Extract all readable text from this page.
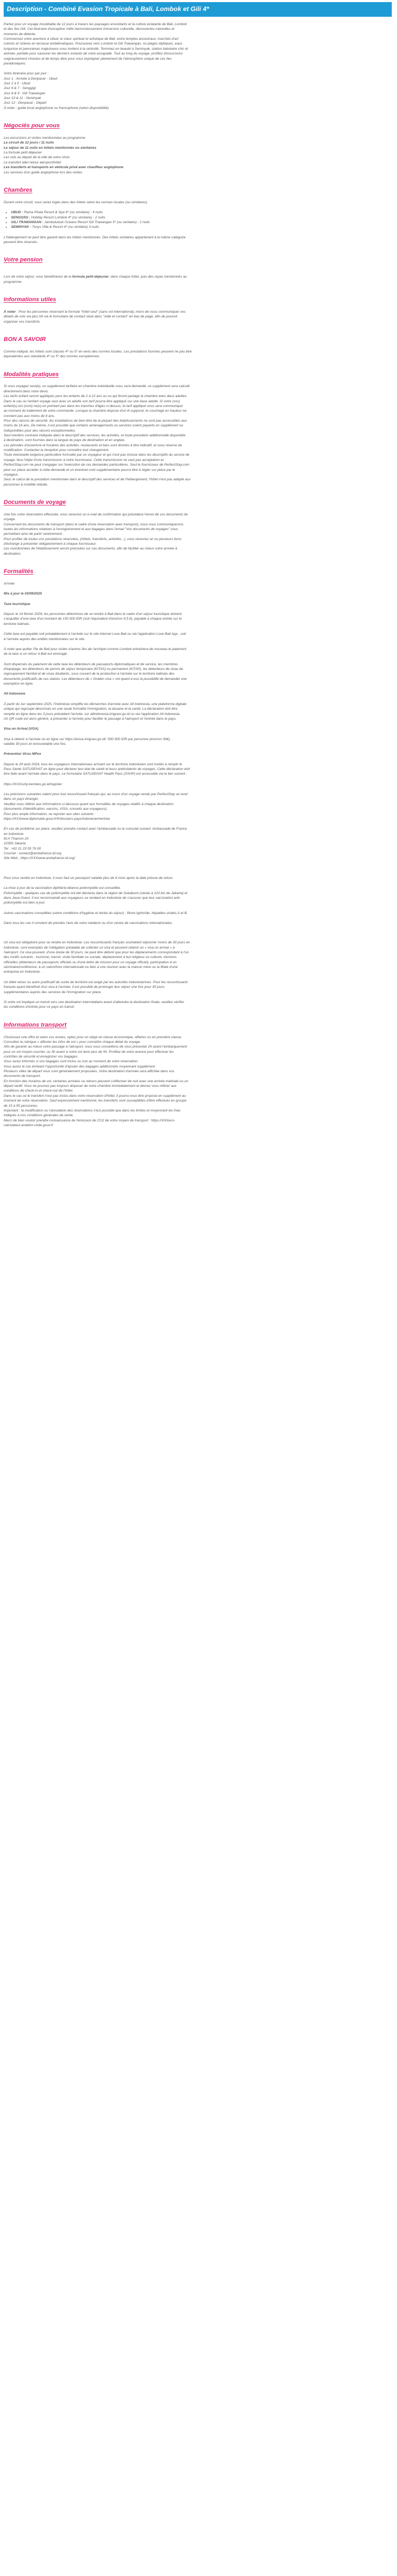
Description - Combiné Evasion Tropicale à Bali, Lombok et Gili 4*

Partez pour un voyage inoubliable de 12 jours à travers les paysages envoûtants et la culture éclatante de Bali, Lombok
et des îles Gili. Cet itinéraire d'exception mêle harmonieusement immersion culturelle, découvertes naturelles et
moments de détente.
Commencez votre aventure à Ubud, le cœur spirituel et artistique de Bali, entre temples ancestraux, marchés d'art
colorés et rizières en terrasse emblématiques. Poursuivez vers Lombok et Gili Trawangan, où plages idylliques, eaux
turquoise et panoramas majestueux vous invitent à la sérénité. Terminez en beauté à Seminyak, station balnéaire chic et
animée, parfaite pour savourer les derniers instants de votre escapade. Tout au long du voyage, profitez d'excursions
soigneusement choisies et de temps libre pour vous imprégner pleinement de l'atmosphère unique de ces îles
paradisiaques.

Votre itinéraire pour par jour :
Jour 1 : Arrivée à Denpasar - Ubud
Jour 2 à 5 : Ubud
Jour 6 & 7 : Senggigi
Jour 8 & 9 : Gili Trawangan
Jour 10 & 11 : Seminyak
Jour 12 : Denpasar - Départ
À noter : guide local anglophone ou francophone (selon disponibilité)

Négociés pour vous

Les excursions et visites mentionnées au programme
Le circuit de 12 jours / 11 nuits
Le séjour de 11 nuits en hôtels mentionnés ou similaires
La formule petit déjeuner
Les vols au départ de la ville de votre choix
Le transfert aller-retour aéroport/hôtel
Les transferts et transports en véhicule privé avec chauffeur anglophone
Les services d'un guide anglophone lors des visites

Chambres

Durant votre circuit, vous serez logés dans des hôtels selon les normes locales (ou similaires).

• UBUD : Rama Phala Resort & Spa 4* (ou similaire) - 4 nuits
• SENGGIGI : Holiday Resort Lombok 4* (ou similaire) - 2 nuits
• GILI TRAWANGAN : Jambuluwuk Oceano Resort Gili Trawangan 5* (ou similaire) - 2 nuits
• SEMINYAK : Tonys Villa & Resort 4* (ou similaire) 3 nuits

L'hébergement ne peut être garanti dans les hôtels mentionnés. Des hôtels similaires appartenant à la même catégorie
peuvent être réservés.

Votre pension

Lors de votre séjour, vous bénéficierez de la formule petit-déjeuner, dans chaque hôtel, puis des repas mentionnés au
programme.

Informations utiles

À noter : Pour les personnes réservant la formule "hôtel seul" (sans vol international), merci de nous communiquer vos
détails de vols via plus tôt via le formulaire de contact situé dans "Aide et contact" en bas de page, afin de pouvoir
organiser vos transferts.

BON A SAVOIR

Comme indiqué, les hôtels sont classés 4* ou 5* en vertu des normes locales. Les prestations fournies peuvent ne pas être
équivalentes aux standards 4* ou 5* des normes européennes.

Modalités pratiques

Si vous voyagez seul(e), un supplément tarifaire en chambre individuelle vous sera demandé, ce supplément sera calculé
directement dans votre devis.
Les tarifs enfant seront appliqués pour les enfants de 2 à 12 ans ou ou qui feront partage la chambre avec deux adultes.
Dans le cas où l'enfant voyage seul avec un adulte son tarif pourra être appliqué sur une base adulte. Si votre (vos)
enfant(s) est (sont) ne(s) en pointant pas dans les tranches d'âges ci-dessus, le tarif appliqué vous sera communiqué
au moment du traitement de votre commande. Lorsque la chambre dispose d'un lit supposé, le couchage en hauteur ne
convient pas aux moins de 6 ans.
Pour des raisons de sécurité, les installations de bien-être de la plupart des établissements ne sont pas accessibles aux
moins de 16 ans. De même, il est possible que certains aménagements ou services soient payants en supplément ou
indisponibles pour des raisons exceptionnelles.
Seul mention contraire indiquée dans le descriptif des services, les activités, et toute prestation additionnelle disponible
à destination, sont fournies dans la langue du pays de destination et en anglais.
Les périodes d'ouverture et horaires des activités, restaurants et bars sont donnés à titre indicatif, et sous réserve de
modification. Contactez la réception pour connaître tout changement.
Toute éventuelle exigence particulière formulée par un voyageur et qui n'est pas incluse dans les descriptifs du service de
voyage, fera l'objet d'une transmission à notre fournisseur. Cette transmission ne vaut pas acceptation et
PerfectStay.com ne peut s'engager sur l'exécution de ces demandes particulières. Seul le fournisseur de PerfectStay.com
peut sur place accéder à cette demande et un éventuel coût supplémentaire pourra être à régler sur place par le
voyageur.
Seul, le calcul de la prestation mentionnée dans le descriptif des services et de l'hébergement, l'hôtel n'est pas adapté aux
personnes à mobilité réduite.

Documents de voyage

Une fois votre réservation effectuée, vous recevrez un e-mail de confirmation qui précédera l'envoi de vos documents de
voyage.
Concernant les documents de transport (dans le cadre d'une réservation avec transport), nous vous communiquerons
toutes les informations relatives à l'enregistrement et aux bagages dans l'email "Vos documents de voyages" vous
permettant ainsi de partir sereinement.
Pour profiter de toutes vos prestations réservées, (hôtels, transferts, activités...), vous recevrez un ou plusieurs bons
d'échange à présenter obligatoirement à chaque fournisseur.
Les coordonnées de l'établissement seront précisées sur ces documents, afin de faciliter au mieux votre arrivée à
destination.

Formalités

Arrivée

Mis à jour le 03/09/2025

Taxe touristique

Depuis le 14 février 2024, les personnes détentrices de se rendre à Bali dans le cadre d'un séjour touristique doivent
s'acquitter d'une taxe d'un montant de 150 000 IDR (soit l'équivalent d'environ 9,5 €), payable à chaque entrée sur le
territoire balinais.

Cette taxe est payable soit préalablement à l'arrivée sur le site internet Love Bali ou via l'application Love Bali App , soit
à l'arrivée auprès des entités mentionnées sur le site.

À noter que quitter l'île de Bali pour visiter d'autres îles de l'archipel comme Lombok entraînera de nouveau le paiement
de la taxe si un retour à Bali est envisagé.

Sont dispensés du paiement de cette taxe les détenteurs de passeports diplomatiques et de service, les membres
d'équipage, les détenteurs de permis de séjour temporaire (KITAS) ou permanent (KITAP), les détenteurs de visas de
regroupement familial et de visas étudiants, sous couvert de la production à l'arrivée sur le territoire balinais des
documents justificatifs de ces statuts. Les détenteurs de « Golden visa » ont quant à eux la possibilité de demander une
exemption en ligne.

All Indonesia

À partir du 1er septembre 2025, l'Indonésie simplifie les démarches d'arrivée avec All Indonesia, une plateforme digitale
unique qui regroupe désormais en une seule formalité l'immigration, la douane et la santé. La déclaration doit être
remplie en ligne dans les 3 jours précédant l'arrivée, sur allindonesia.imigrasi.go.id ou via l'application All Indonesia.
Un QR code est alors généré, à présenter à l'arrivée pour faciliter le passage à l'aéroport et l'entrée dans le pays.

Visa on Arrival (VOA)

Visa à obtenir à l'arrivée ou en ligne sur https://evisa.imigrasi.go.id/: 500 000 IDR par personne (environ 30€),
valable 30 jours et renouvelable une fois.

Prévention Virus MPox

Depuis le 29 août 2024, tous les voyageurs internationaux arrivant sur le territoire indonésien sont invités à remplir le
Pass Santé SATUSEHAT en ligne pour déclarer leur état de santé et leurs antécédents de voyages. Cette déclaration doit
être faite avant l'arrivée dans le pays. Le formulaire SATUSEHAT Health Pass (SSHP) est accessible via le lien suivant :

https://XXXsshp.kemkes.go.id/register

Les précisions suivantes valent pour tout ressortissant français qui, au cours d'un voyage vendu par PerfectStay se rend
dans un pays étranger.
Veuillez vous référer aux informations ci-dessous quant aux formalités de voyages relatifs à chaque destination
(documents d'identification, vaccins, VISA, conseils aux voyageurs).
Pour plus ample information, se reporter aux sites suivants :
https://XXXwww.diplomatie.gouv.fr/fr/dossiers-pays/indonesie/#entree

En cas de problème sur place, veuillez prendre contact avec l'ambassade ou le consulat suivant: Ambassade de France
en Indonésie
M.H Thamrin 20
10350 Jakarta
Tel : +62 21 23 55 76 00
Courriel : contact@ambafrance-id.org
Site Web : https://XXXwww.ambafrance-id.org/

Pour vous rendre en Indonésie, il vous faut un passeport valable plus de 6 mois après la date prévue de retour.

La mise à jour de la vaccination diphtérie-tétanos-poliomyélite est conseillée.
Poliomyélite : quelques cas de poliomyélite ont été déclarés dans la région de Sukabumi (située à 120 km de Jakarta) et
dans Java-Ouest. Il est recommandé aux voyageurs se rendant en Indonésie de s'assurer que leur vaccination anti-
poliomyélite est bien à jour.

Autres vaccinations conseillées (selon conditions d'hygiène et durée du séjour) : fièvre typhoïde, hépatites virales A et B.

Dans tous les cas il convient de prendre l'avis de votre médecin ou d'un centre de vaccinations internationales.

Un visa est obligatoire pour se rendre en Indonésie. Les ressortissants français souhaitant séjourner moins de 30 jours en
Indonésie, sont exemptés de l'obligation préalable de solliciter un visa et peuvent obtenir un « visa on arrival » à
l'aéroport. Ce visa pouvant, d'une durée de 30 jours, ne peut être délivré que pour les déplacements correspondant à l'un
des motifs suivants : tourisme, transit, visite familiale ou sociale, déplacement à but religieux ou culturel, réunions
officielles (détenteurs de passeports officiels ou d'une lettre de mission pour un voyage officiel), participation à un
séminaire/conférence, à un salon/foire internationale ou bien à une réunion avec la maison mère ou la filiale d'une
entreprise en Indonésie.

Un billet retour ou autre justificatif de sortie de territoire est exigé par les autorités indonésiennes. Pour les ressortissants
français ayant bénéficié d'un visa à l'arrivée, il est possible de prolonger leur séjour une fois pour 30 jours
supplémentaires auprès des services de l'immigration sur place.

Si votre vol implique un transit vers une destination intermédiaire avant d'atteindre la destination finale, veuillez vérifier
les conditions d'entrée pour ce pays en transit.

Informations transport

Choisissez une offre et selon vos envies, optez pour un siège en classe économique, affaires ou en première classe.
Consultez la rubrique « affecter les infos de vol » pour connaître chaque détail du voyage.
Afin de garantir au mieux votre passage à l'aéroport, nous vous conseillons de vous présenter 2h avant l'embarquement
pour un vol moyen-courrier, ou 3h avant si votre vol dure plus de 5h. Profitez de votre avance pour effectuer les
contrôles de sécurité et enregistrer vos bagages.
Vous serez informés si vos bagages sont inclus ou non au moment de votre réservation.
Vous aurez le cas échéant l'opportunité d'ajouter des bagages additionnels moyennant supplément
Plusieurs villes de départ vous sont généralement proposées. Votre destination d'arrivée sera affichée dans vos
documents de transport.
En fonction des horaires de vol, certaines arrivées ou retours peuvent s'effectuer de nuit avec une arrivée matinale ou un
départ tardif. Vous ne pourrez pas toujours disposer de votre chambre immédiatement et devrez vous référer aux
conditions de check-in et check-out de l'hôtel.
Dans le cas où le transfert n'est pas inclus dans votre réservation d'hôtel, il pourra vous être proposé en supplément au
moment de votre réservation. Sauf expressément mentionné, les transferts sont susceptibles d'être effectués en groupe
de 15 à 55 personnes.
Important : la modification ou l'annulation des réservations n'est possible que dans les limites et moyennant les frais
indiqués à nos conditions générales de vente.
Merci de bien vouloir prendre connaissance de l'émission de CO2 de votre moyen de transport : https://XXXeco-
calculateur.aviation-civile.gouv.fr
